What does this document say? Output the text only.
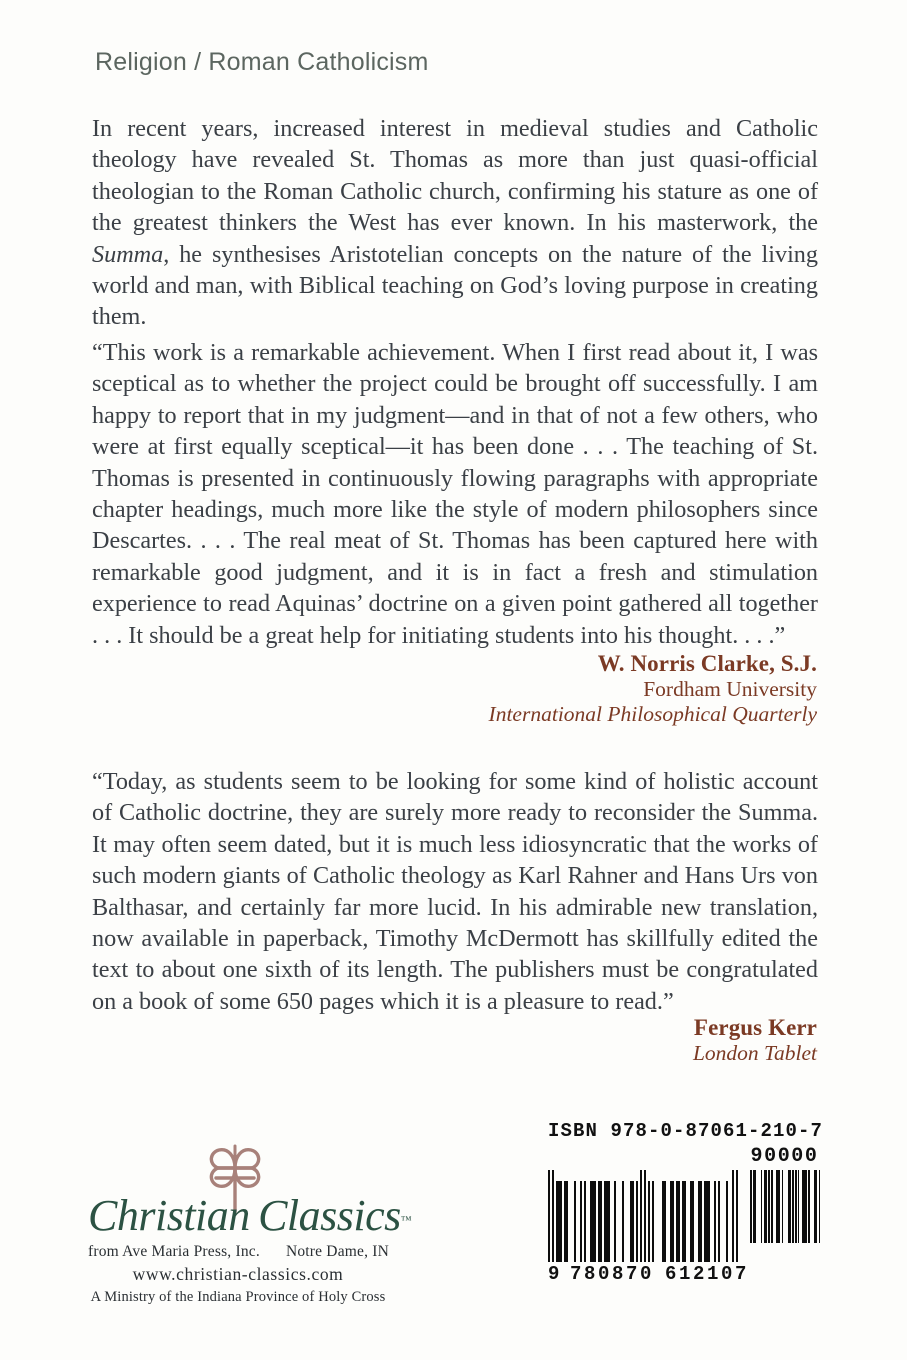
Religion / Roman Catholicism
In recent years, increased interest in medieval studies and Catholic theology have revealed St. Thomas as more than just quasi-official theologian to the Roman Catholic church, confirming his stature as one of the greatest thinkers the West has ever known. In his masterwork, the Summa, he synthesises Aristotelian concepts on the nature of the living world and man, with Biblical teaching on God’s loving purpose in creating them.
“This work is a remarkable achievement. When I first read about it, I was sceptical as to whether the project could be brought off successfully. I am happy to report that in my judgment—and in that of not a few others, who were at first equally sceptical—it has been done . . . The teaching of St. Thomas is presented in continuously flowing paragraphs with appropriate chapter headings, much more like the style of modern philosophers since Descartes. . . . The real meat of St. Thomas has been captured here with remarkable good judgment, and it is in fact a fresh and stimulation experience to read Aquinas’ doctrine on a given point gathered all together . . . It should be a great help for initiating students into his thought. . . .”
W. Norris Clarke, S.J.
Fordham University
International Philosophical Quarterly
“Today, as students seem to be looking for some kind of holistic account of Catholic doctrine, they are surely more ready to reconsider the Summa. It may often seem dated, but it is much less idiosyncratic that the works of such modern giants of Catholic theology as Karl Rahner and Hans Urs von Balthasar, and certainly far more lucid. In his admirable new translation, now available in paperback, Timothy McDermott has skillfully edited the text to about one sixth of its length. The publishers must be congratulated on a book of some 650 pages which it is a pleasure to read.”
Fergus Kerr
London Tablet
Christian Classics™
from Ave Maria Press, Inc. Notre Dame, IN
www.christian-classics.com
A Ministry of the Indiana Province of Holy Cross
ISBN 978-0-87061-210-7
9 780870 612107
90000
